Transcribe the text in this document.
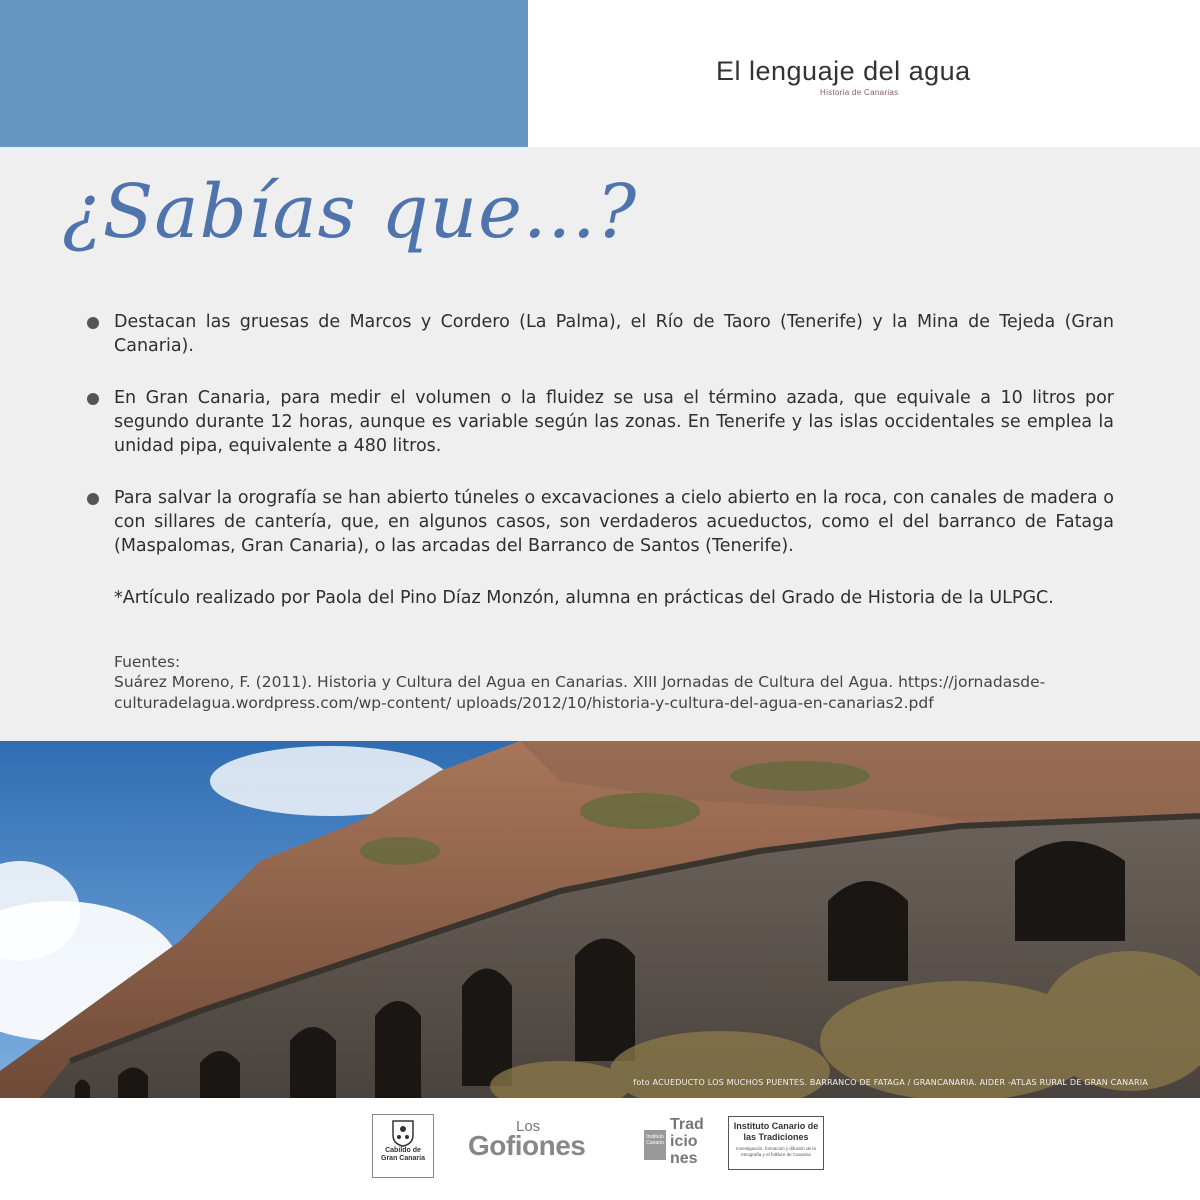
El lenguaje del agua
Historia de Canarias
¿Sabías que...?
Destacan las gruesas de Marcos y Cordero (La Palma), el Río de Taoro (Tenerife) y la Mina de Tejeda (Gran Canaria).
En Gran Canaria, para medir el volumen o la fluidez se usa el término azada, que equivale a 10 litros por segundo durante 12 horas, aunque es variable según las zonas. En Tenerife y las islas occidentales se emplea la unidad pipa, equivalente a 480 litros.
Para salvar la orografía se han abierto túneles o excavaciones a cielo abierto en la roca, con canales de madera o con sillares de cantería, que, en algunos casos, son verdaderos acueductos, como el del barranco de Fataga (Maspalomas, Gran Canaria), o las arcadas del Barranco de Santos (Tenerife).
*Artículo realizado por Paola del Pino Díaz Monzón, alumna en prácticas del Grado de Historia de la ULPGC.
Fuentes:
Suárez Moreno, F. (2011). Historia y Cultura del Agua en Canarias. XIII Jornadas de Cultura del Agua. https://jornadasde-culturadelagua.wordpress.com/wp-content/ uploads/2012/10/historia-y-cultura-del-agua-en-canarias2.pdf
foto ACUEDUCTO LOS MUCHOS PUENTES. BARRANCO DE FATAGA / GRANCANARIA. AIDER -ATLAS RURAL DE GRAN CANARIA
Cabildo de
Gran Canaria
Los
Gofiones	Instituto Canario
Trad
icio
nes
Instituto Canario de las Tradiciones
Investigación, formación y difusión de la etnografía y el folklore de Canarias
